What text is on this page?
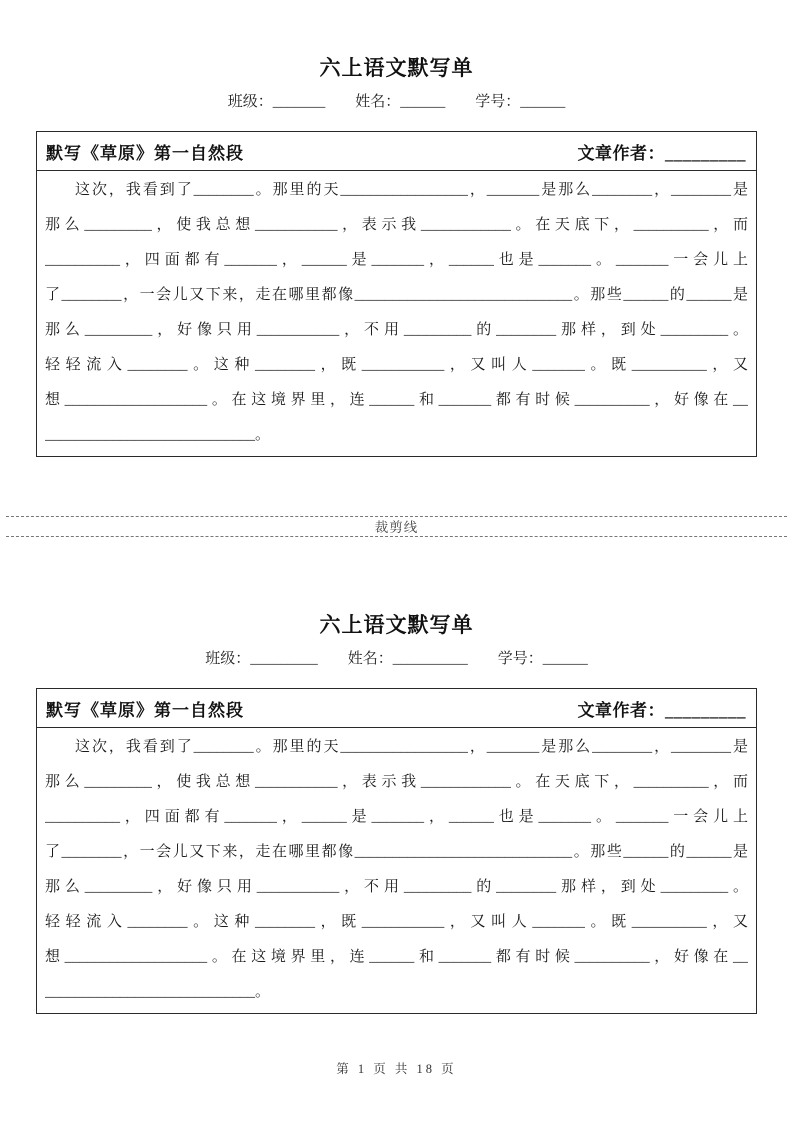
六上语文默写单
班级：_______ 姓名：______ 学号：______
默写《草原》第一自然段	文章作者：_________
这次，我看到了________。那里的天_________________，_______是那么________，________是
那么_________，使我总想___________，表示我____________。在天底下，__________，而
__________，四面都有_______，______是_______，______也是_______。_______一会儿上
了________，一会儿又下来，走在哪里都像_____________________________。那些______的______是
那么_________，好像只用___________，不用_________的________那样，到处_________。
轻轻流入________。这种________，既___________，又叫人_______。既__________，又
想___________________。在这境界里，连______和_______都有时候__________，好像在__
____________________________。
裁剪线
六上语文默写单
班级：_________ 姓名：__________ 学号：______
默写《草原》第一自然段	文章作者：_________
这次，我看到了________。那里的天_________________，_______是那么________，________是
那么_________，使我总想___________，表示我____________。在天底下，__________，而
__________，四面都有_______，______是_______，______也是_______。_______一会儿上
了________，一会儿又下来，走在哪里都像_____________________________。那些______的______是
那么_________，好像只用___________，不用_________的________那样，到处_________。
轻轻流入________。这种________，既___________，又叫人_______。既__________，又
想___________________。在这境界里，连______和_______都有时候__________，好像在__
____________________________。
第 1 页 共 18 页
